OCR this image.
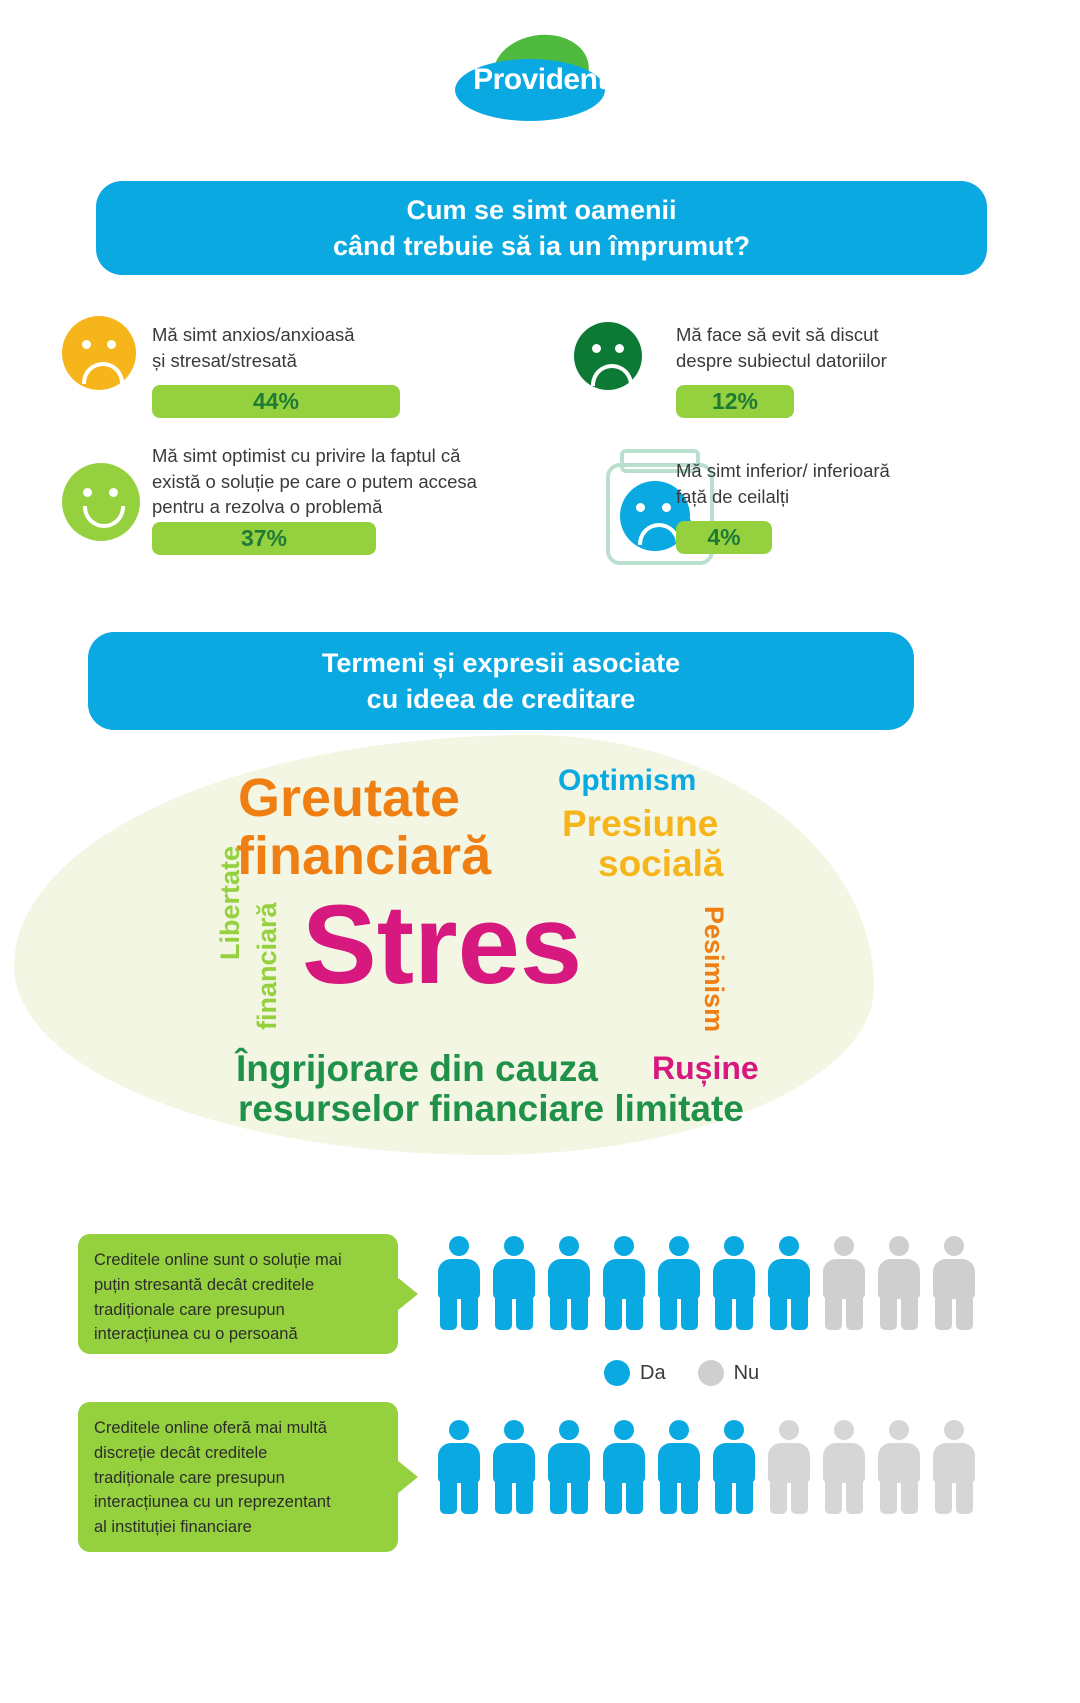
Provident
Cum se simt oamenii
când trebuie să ia un împrumut?
Mă simt anxios/anxioasă
și stresat/stresată
44%
Mă face să evit să discut
despre subiectul datoriilor
12%
Mă simt optimist cu privire la faptul că
există o soluție pe care o putem accesa
pentru a rezolva o problemă
37%
Mă simt inferior/ inferioară
față de ceilalți
4%
Termeni și expresii asociate
cu ideea de creditare
Greutate
financiară
Optimism
Presiune
socială
Libertate financiară Stres	Pesimism
Îngrijorare din cauza
resurselor financiare limitate
Rușine
Creditele online sunt o soluție mai
puțin stresantă decât creditele
tradiționale care presupun
interacțiunea cu o persoană
Da	Nu
Creditele online oferă mai multă
discreție decât creditele
tradiționale care presupun
interacțiunea cu un reprezentant
al instituției financiare
